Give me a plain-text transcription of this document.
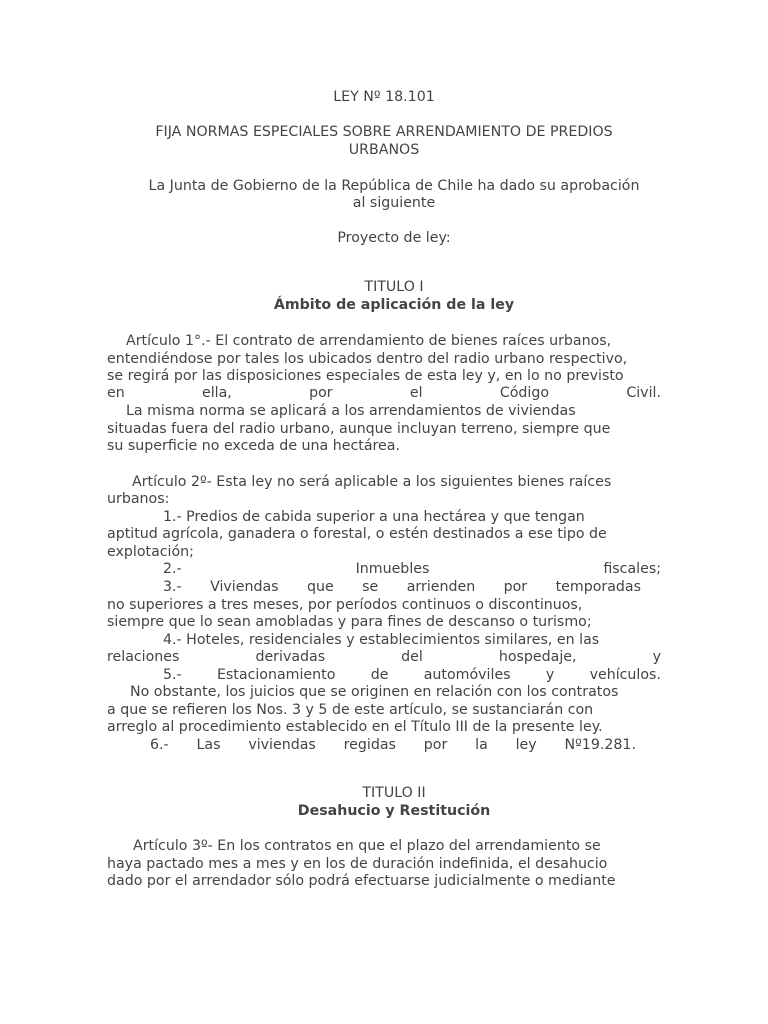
LEY Nº 18.101
FIJA NORMAS ESPECIALES SOBRE ARRENDAMIENTO DE PREDIOS
URBANOS
La Junta de Gobierno de la República de Chile ha dado su aprobación
al siguiente
Proyecto de ley:
TITULO I
Ámbito de aplicación de la ley
Artículo 1°.- El contrato de arrendamiento de bienes raíces urbanos,
entendiéndose por tales los ubicados dentro del radio urbano respectivo,
se regirá por las disposiciones especiales de esta ley y, en lo no previsto
en	ella,	por	el	Código	Civil.
La misma norma se aplicará a los arrendamientos de viviendas
situadas fuera del radio urbano, aunque incluyan terreno, siempre que
su superficie no exceda de una hectárea.
Artículo 2º- Esta ley no será aplicable a los siguientes bienes raíces
urbanos:
1.- Predios de cabida superior a una hectárea y que tengan
aptitud agrícola, ganadera o forestal, o estén destinados a ese tipo de
explotación;
2.-	Inmuebles	fiscales;
3.- Viviendas que se arrienden por temporadas
no superiores a tres meses, por períodos continuos o discontinuos,
siempre que lo sean amobladas y para fines de descanso o turismo;
4.- Hoteles, residenciales y establecimientos similares, en las
relaciones	derivadas	del	hospedaje,	y
5.- Estacionamiento de automóviles y vehículos.
No obstante, los juicios que se originen en relación con los contratos
a que se refieren los Nos. 3 y 5 de este artículo, se sustanciarán con
arreglo al procedimiento establecido en el Título III de la presente ley.
6.- Las viviendas regidas por la ley Nº19.281.
TITULO II
Desahucio y Restitución
Artículo 3º- En los contratos en que el plazo del arrendamiento se
haya pactado mes a mes y en los de duración indefinida, el desahucio
dado por el arrendador sólo podrá efectuarse judicialmente o mediante
